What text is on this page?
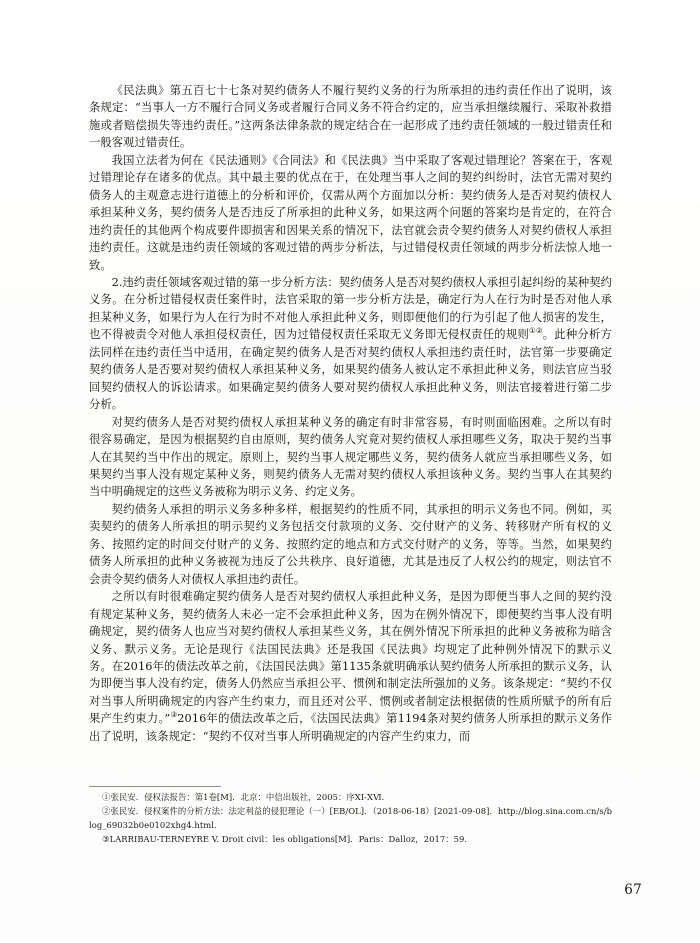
《民法典》第五百七十七条对契约债务人不履行契约义务的行为所承担的违约责任作出了说明，该条规定：“当事人一方不履行合同义务或者履行合同义务不符合约定的，应当承担继续履行、采取补救措施或者赔偿损失等违约责任。”这两条法律条款的规定结合在一起形成了违约责任领域的一般过错责任和一般客观过错责任。

我国立法者为何在《民法通则》《合同法》和《民法典》当中采取了客观过错理论？答案在于，客观过错理论存在诸多的优点。其中最主要的优点在于，在处理当事人之间的契约纠纷时，法官无需对契约债务人的主观意志进行道德上的分析和评价，仅需从两个方面加以分析：契约债务人是否对契约债权人承担某种义务，契约债务人是否违反了所承担的此种义务，如果这两个问题的答案均是肯定的，在符合违约责任的其他两个构成要件即损害和因果关系的情况下，法官就会责令契约债务人对契约债权人承担违约责任。这就是违约责任领域的客观过错的两步分析法，与过错侵权责任领域的两步分析法惊人地一致。

2.违约责任领域客观过错的第一步分析方法：契约债务人是否对契约债权人承担引起纠纷的某种契约义务。在分析过错侵权责任案件时，法官采取的第一步分析方法是，确定行为人在行为时是否对他人承担某种义务，如果行为人在行为时不对他人承担此种义务，则即便他们的行为引起了他人损害的发生，也不得被责令对他人承担侵权责任，因为过错侵权责任采取无义务即无侵权责任的规则①②。此种分析方法同样在违约责任当中适用，在确定契约债务人是否对契约债权人承担违约责任时，法官第一步要确定契约债务人是否要对契约债权人承担某种义务，如果契约债务人被认定不承担此种义务，则法官应当驳回契约债权人的诉讼请求。如果确定契约债务人要对契约债权人承担此种义务，则法官接着进行第二步分析。

对契约债务人是否对契约债权人承担某种义务的确定有时非常容易，有时则面临困难。之所以有时很容易确定，是因为根据契约自由原则，契约债务人究竟对契约债权人承担哪些义务，取决于契约当事人在其契约当中作出的规定。原则上，契约当事人规定哪些义务，契约债务人就应当承担哪些义务，如果契约当事人没有规定某种义务，则契约债务人无需对契约债权人承担该种义务。契约当事人在其契约当中明确规定的这些义务被称为明示义务、约定义务。

契约债务人承担的明示义务多种多样，根据契约的性质不同，其承担的明示义务也不同。例如，买卖契约的债务人所承担的明示契约义务包括交付款项的义务、交付财产的义务、转移财产所有权的义务、按照约定的时间交付财产的义务、按照约定的地点和方式交付财产的义务，等等。当然，如果契约债务人所承担的此种义务被视为违反了公共秩序、良好道德，尤其是违反了人权公约的规定，则法官不会责令契约债务人对债权人承担违约责任。

之所以有时很难确定契约债务人是否对契约债权人承担此种义务，是因为即便当事人之间的契约没有规定某种义务，契约债务人未必一定不会承担此种义务，因为在例外情况下，即便契约当事人没有明确规定，契约债务人也应当对契约债权人承担某些义务，其在例外情况下所承担的此种义务被称为暗含义务、默示义务。无论是现行《法国民法典》还是我国《民法典》均规定了此种例外情况下的默示义务。在2016年的债法改革之前，《法国民法典》第1135条就明确承认契约债务人所承担的默示义务，认为即便当事人没有约定，债务人仍然应当承担公平、惯例和制定法所强加的义务。该条规定：“契约不仅对当事人所明确规定的内容产生约束力，而且还对公平、惯例或者制定法根据债的性质所赋予的所有后果产生约束力。”③2016年的债法改革之后，《法国民法典》第1194条对契约债务人所承担的默示义务作出了说明，该条规定：“契约不仅对当事人所明确规定的内容产生约束力，而

①张民安．侵权法报告：第1卷[M]．北京：中信出版社，2005：序ⅩⅠ-ⅩⅥ.

②张民安．侵权案件的分析方法：法定利益的侵犯理论（一）[EB/OL]．（2018-06-18）[2021-09-08]．http://blog.sina.com.cn/s/blog_69032b0e0102xhg4.html.

③LARRIBAU-TERNEYRE V. Droit civil：les obligations[M]．Paris：Dalloz，2017：59.

67
